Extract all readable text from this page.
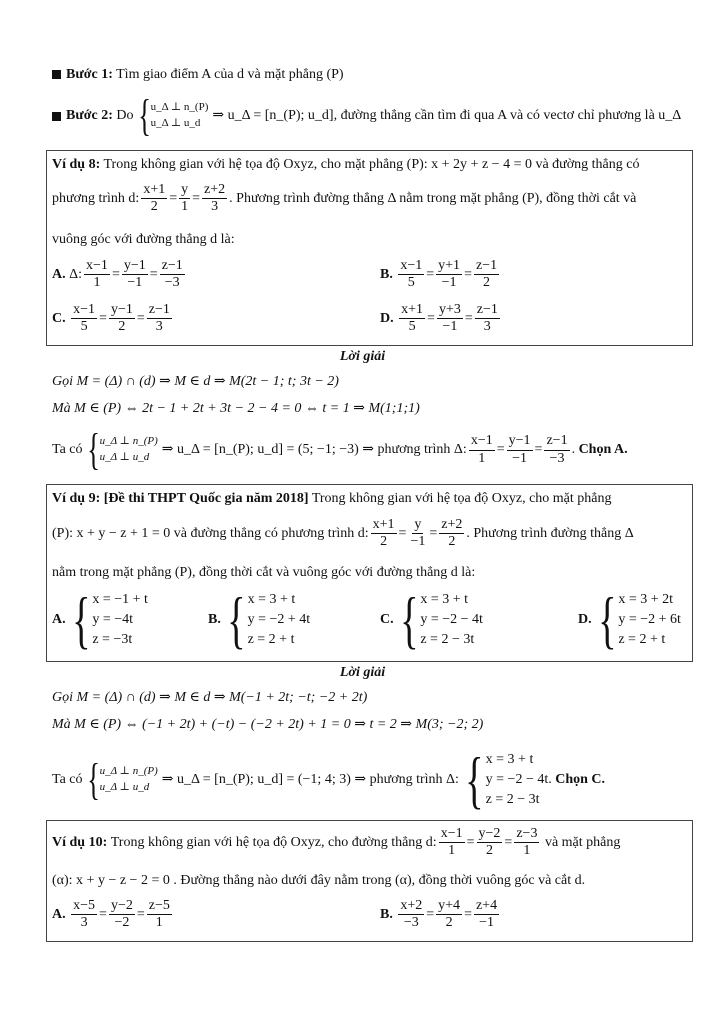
Bước 1: Tìm giao điểm A của d và mặt phẳng (P)
Bước 2:
Do { u_Δ ⊥ n_(P)
u_Δ ⊥ u_d ⇒ u_Δ = [n_(P); u_d] , đường thẳng cần tìm đi qua A và có vectơ chỉ phương là u_Δ
Ví dụ 8: Trong không gian với hệ tọa độ Oxyz, cho mặt phẳng (P): x + 2y + z − 4 = 0 và đường thẳng có
phương trình d: $\frac{x+1}{2} = \frac{y}{1} = \frac{z+2}{3}$ . Phương trình đường thẳng Δ nằm trong mặt phẳng (P), đồng thời cắt và
vuông góc với đường thẳng d là:
A.
Δ: $\frac{x-1}{1} = \frac{y-1}{-1} = \frac{z-1}{-3}$	B.
$\frac{x-1}{5} = \frac{y+1}{-1} = \frac{z-1}{2}$
C.
$\frac{x-1}{5} = \frac{y-1}{2} = \frac{z-1}{3}$	D.
$\frac{x+1}{5} = \frac{y+3}{-1} = \frac{z-1}{3}$
Lời giải
Gọi M = (Δ) ∩ (d) ⇒ M ∈ d ⇒ M(2t − 1; t; 3t − 2)
Mà M ∈ (P) ⇔ 2t − 1 + 2t + 3t − 2 − 4 = 0 ⇔ t = 1 ⇒ M(1;1;1)
Ta có { u_Δ ⊥ n_(P)
u_Δ ⊥ u_d ⇒ u_Δ = [n_(P); u_d] = (5; −1; −3) ⇒ phương trình Δ: $\frac{x-1}{1} = \frac{y-1}{-1} = \frac{z-1}{-3}$ . Chọn A.
Ví dụ 9: [Đề thi THPT Quốc gia năm 2018] Trong không gian với hệ tọa độ Oxyz, cho mặt phẳng
(P): x + y − z + 1 = 0 và đường thẳng có phương trình d: $\frac{x+1}{2} = \frac{y}{-1} = \frac{z+2}{2}$ . Phương trình đường thẳng Δ
nằm trong mặt phẳng (P), đồng thời cắt và vuông góc với đường thẳng d là:
A. { x = −1 + t
y = −4t
z = −3t
B. { x = 3 + t
y = −2 + 4t
z = 2 + t
C. { x = 3 + t
y = −2 − 4t
z = 2 − 3t
D. { x = 3 + 2t
y = −2 + 6t
z = 2 + t
Lời giải
Gọi M = (Δ) ∩ (d) ⇒ M ∈ d ⇒ M(−1 + 2t; −t; −2 + 2t)
Mà M ∈ (P) ⇔ (−1 + 2t) + (−t) − (−2 + 2t) + 1 = 0 ⇒ t = 2 ⇒ M(3; −2; 2)
Ta có { u_Δ ⊥ n_(P)
u_Δ ⊥ u_d ⇒ u_Δ = [n_(P); u_d] = (−1; 4; 3) ⇒ phương trình Δ: { x = 3 + t
y = −2 − 4t
z = 2 − 3t
. Chọn C.
Ví dụ 10:
Trong không gian với hệ tọa độ Oxyz, cho đường thẳng d: $\frac{x-1}{1} = \frac{y-2}{2} = \frac{z-3}{1}$
và mặt phẳng
(α): x + y − z − 2 = 0 . Đường thẳng nào dưới đây nằm trong (α), đồng thời vuông góc và cắt d.
A.
$\frac{x-5}{3} = \frac{y-2}{-2} = \frac{z-5}{1}$	B.
$\frac{x+2}{-3} = \frac{y+4}{2} = \frac{z+4}{-1}$
